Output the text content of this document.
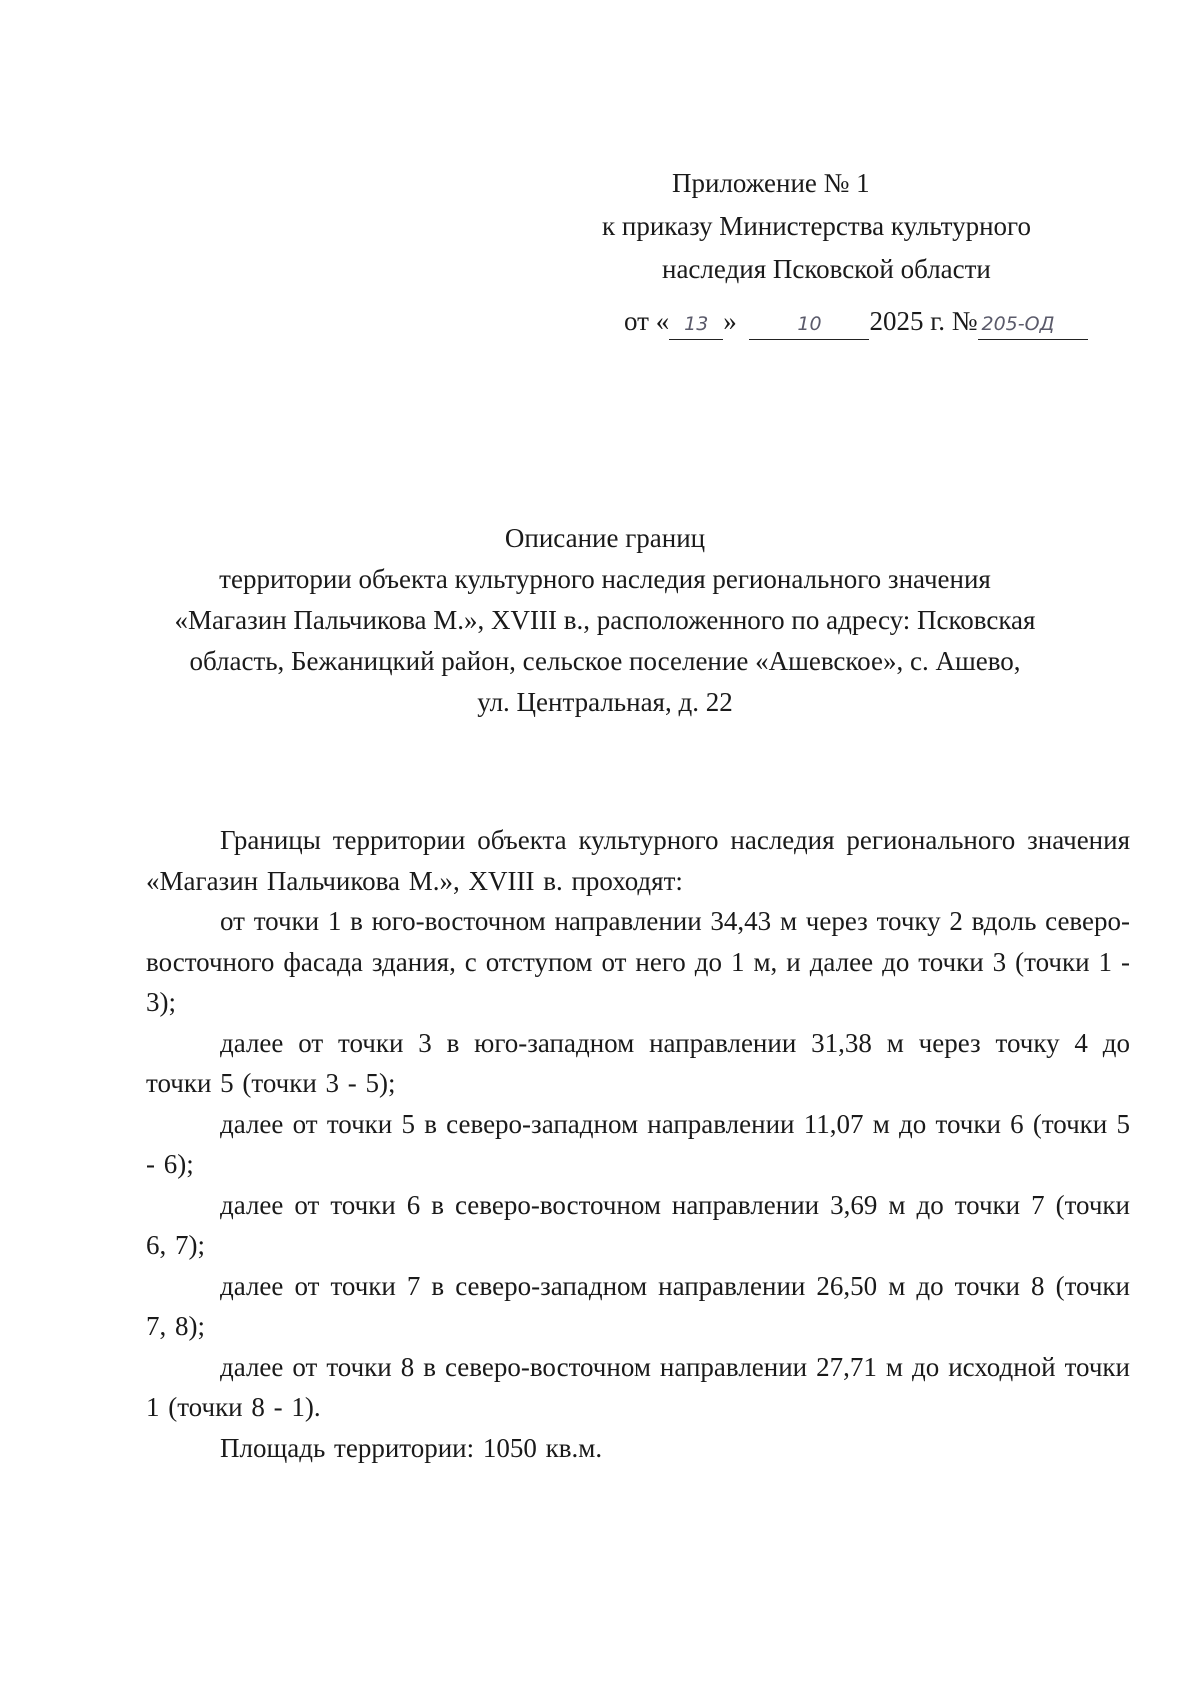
Приложение № 1
к приказу Министерства культурного
наследия Псковской области
от « 13 »	10 2025 г. № 205-ОД
Описание границ
территории объекта культурного наследия регионального значения
«Магазин Пальчикова М.», XVIII в., расположенного по адресу: Псковская
область, Бежаницкий район, сельское поселение «Ашевское», с. Ашево,
ул. Центральная, д. 22

Границы территории объекта культурного наследия регионального значения «Магазин Пальчикова М.», XVIII в. проходят:

от точки 1 в юго-восточном направлении 34,43 м через точку 2 вдоль северо-восточного фасада здания, с отступом от него до 1 м, и далее до точки 3 (точки 1 - 3);

далее от точки 3 в юго-западном направлении 31,38 м через точку 4 до точки 5 (точки 3 - 5);

далее от точки 5 в северо-западном направлении 11,07 м до точки 6 (точки 5 - 6);

далее от точки 6 в северо-восточном направлении 3,69 м до точки 7 (точки 6, 7);

далее от точки 7 в северо-западном направлении 26,50 м до точки 8 (точки 7, 8);

далее от точки 8 в северо-восточном направлении 27,71 м до исходной точки 1 (точки 8 - 1).

Площадь территории: 1050 кв.м.
